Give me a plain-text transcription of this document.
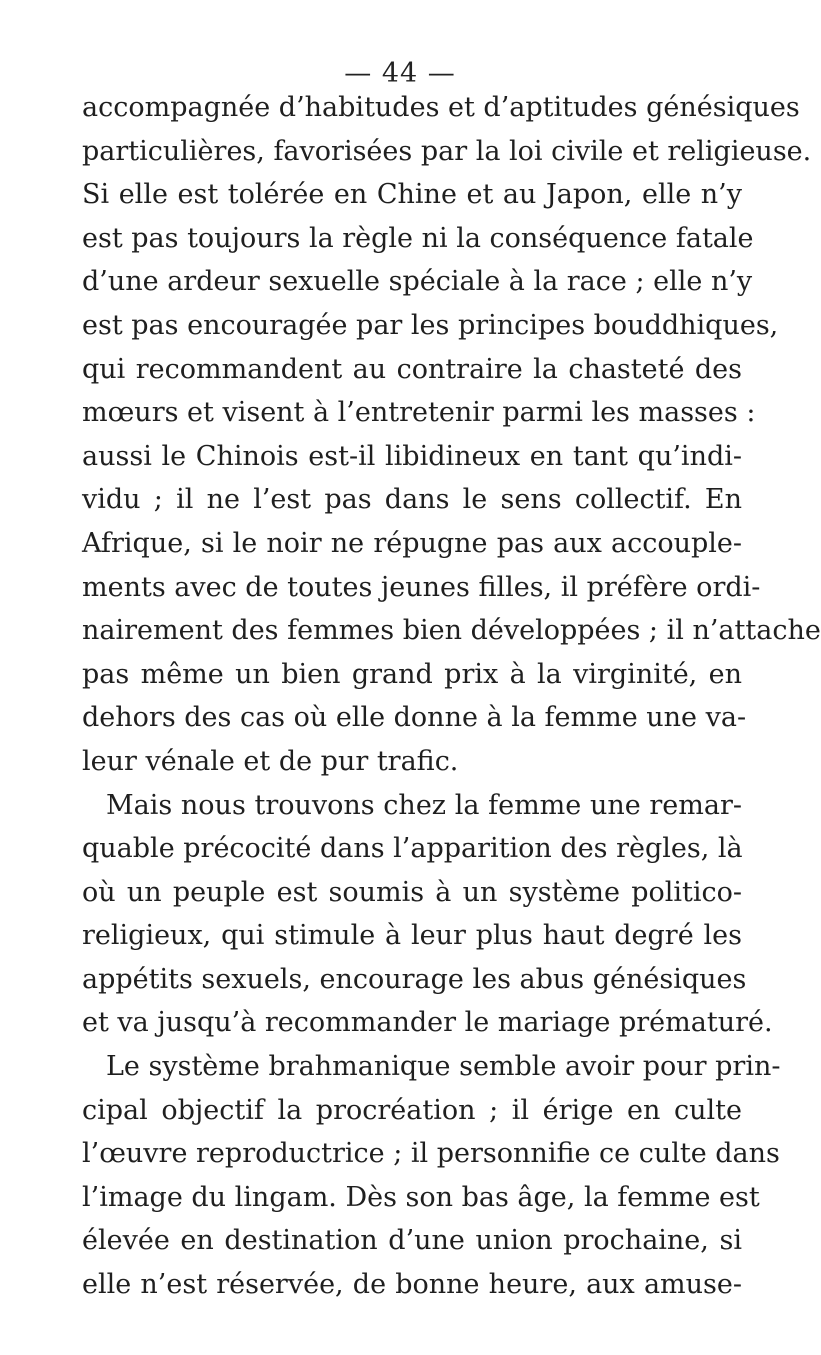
— 44 —
accompagnée d’habitudes et d’aptitudes génésiques
particulières, favorisées par la loi civile et religieuse.
Si elle est tolérée en Chine et au Japon, elle n’y
est pas toujours la règle ni la conséquence fatale
d’une ardeur sexuelle spéciale à la race ; elle n’y
est pas encouragée par les principes bouddhiques,
qui recommandent au contraire la chasteté des
mœurs et visent à l’entretenir parmi les masses :
aussi le Chinois est-il libidineux en tant qu’indi-
vidu ; il ne l’est pas dans le sens collectif. En
Afrique, si le noir ne répugne pas aux accouple-
ments avec de toutes jeunes filles, il préfère ordi-
nairement des femmes bien développées ; il n’attache
pas même un bien grand prix à la virginité, en
dehors des cas où elle donne à la femme une va-
leur vénale et de pur trafic.
Mais nous trouvons chez la femme une remar-
quable précocité dans l’apparition des règles, là
où un peuple est soumis à un système politico-
religieux, qui stimule à leur plus haut degré les
appétits sexuels, encourage les abus génésiques
et va jusqu’à recommander le mariage prématuré.
Le système brahmanique semble avoir pour prin-
cipal objectif la procréation ; il érige en culte
l’œuvre reproductrice ; il personnifie ce culte dans
l’image du lingam. Dès son bas âge, la femme est
élevée en destination d’une union prochaine, si
elle n’est réservée, de bonne heure, aux amuse-
